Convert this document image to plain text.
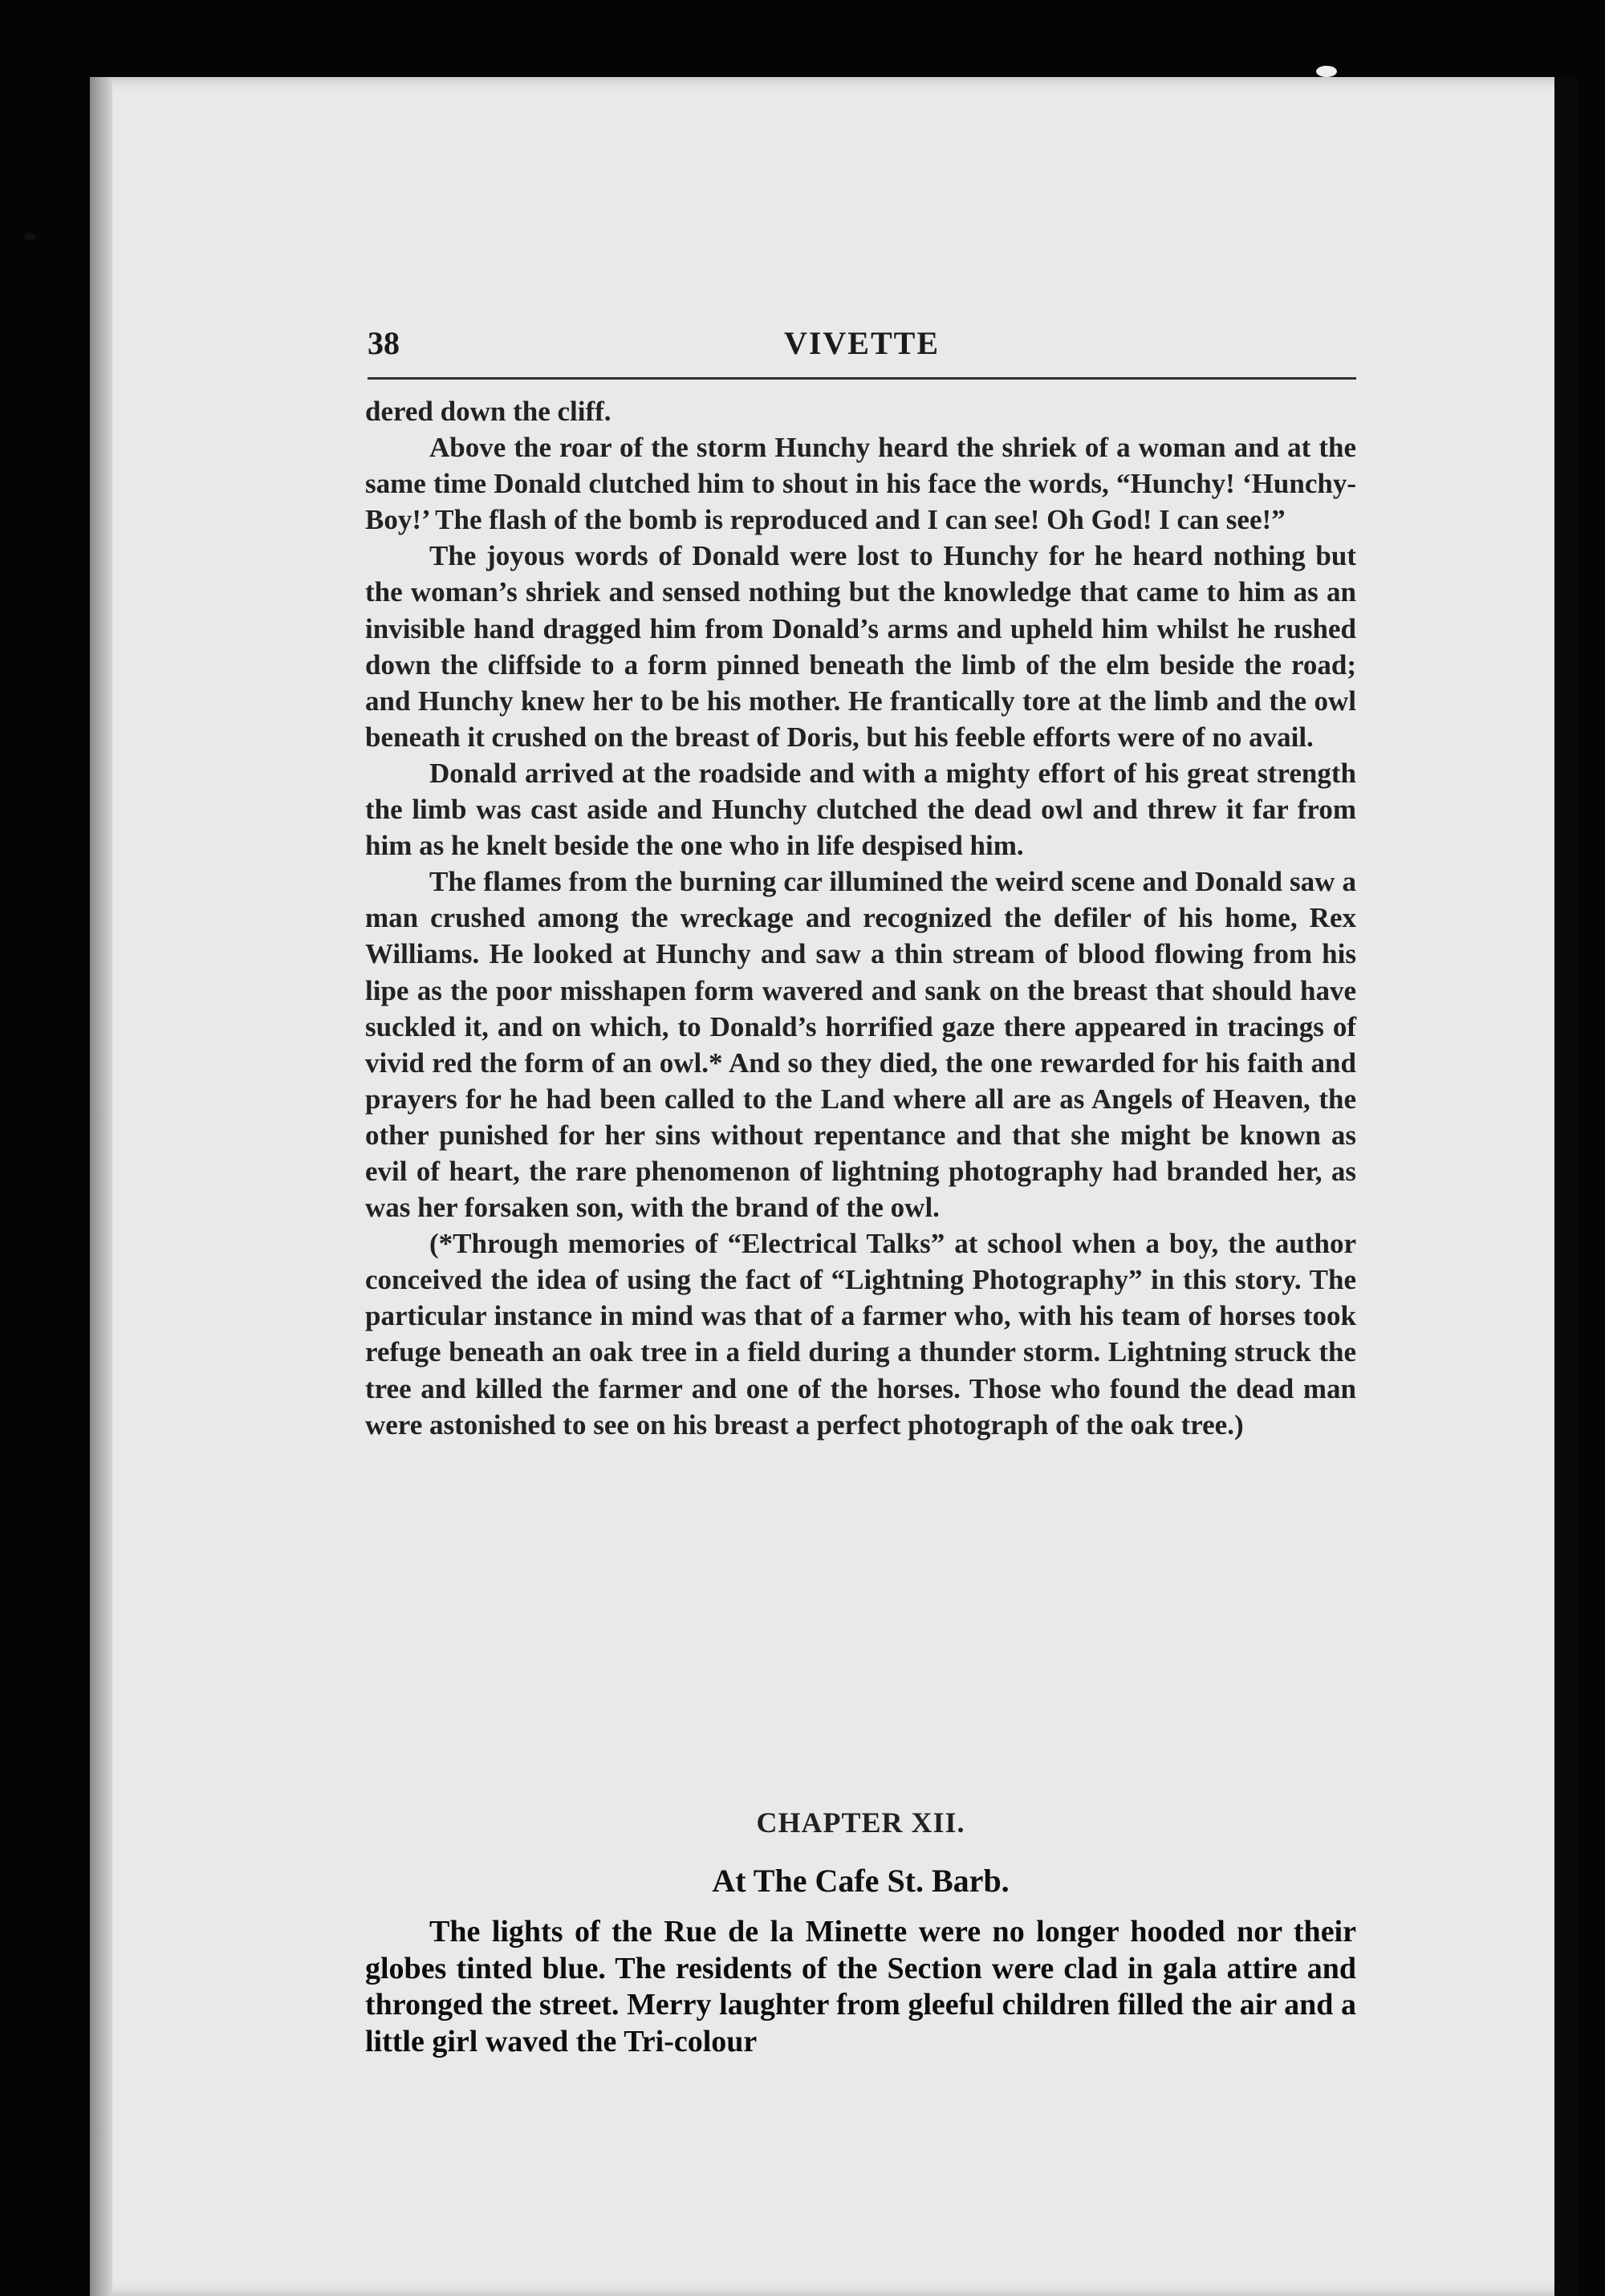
38	VIVETTE

dered down the cliff.

Above the roar of the storm Hunchy heard the shriek of a woman and at the same time Donald clutched him to shout in his face the words, “Hunchy! ‘Hunchy-Boy!’ The flash of the bomb is reproduced and I can see! Oh God! I can see!”

The joyous words of Donald were lost to Hunchy for he heard nothing but the woman’s shriek and sensed nothing but the knowledge that came to him as an invisible hand dragged him from Donald’s arms and upheld him whilst he rushed down the cliffside to a form pinned beneath the limb of the elm beside the road; and Hunchy knew her to be his mother. He frantically tore at the limb and the owl beneath it crushed on the breast of Doris, but his feeble efforts were of no avail.

Donald arrived at the roadside and with a mighty effort of his great strength the limb was cast aside and Hunchy clutched the dead owl and threw it far from him as he knelt beside the one who in life despised him.

The flames from the burning car illumined the weird scene and Donald saw a man crushed among the wreckage and recognized the defiler of his home, Rex Williams. He looked at Hunchy and saw a thin stream of blood flowing from his lipe as the poor misshapen form wavered and sank on the breast that should have suckled it, and on which, to Donald’s horrified gaze there appeared in tracings of vivid red the form of an owl.* And so they died, the one rewarded for his faith and prayers for he had been called to the Land where all are as Angels of Heaven, the other punished for her sins without repentance and that she might be known as evil of heart, the rare phenomenon of lightning photography had branded her, as was her forsaken son, with the brand of the owl.

(*Through memories of “Electrical Talks” at school when a boy, the author conceived the idea of using the fact of “Lightning Photography” in this story. The particular instance in mind was that of a farmer who, with his team of horses took refuge beneath an oak tree in a field during a thunder storm. Lightning struck the tree and killed the farmer and one of the horses. Those who found the dead man were astonished to see on his breast a perfect photograph of the oak tree.)

CHAPTER XII.
At The Cafe St. Barb.

The lights of the Rue de la Minette were no longer hooded nor their globes tinted blue. The residents of the Section were clad in gala attire and thronged the street. Merry laughter from gleeful children filled the air and a little girl waved the Tri-colour
